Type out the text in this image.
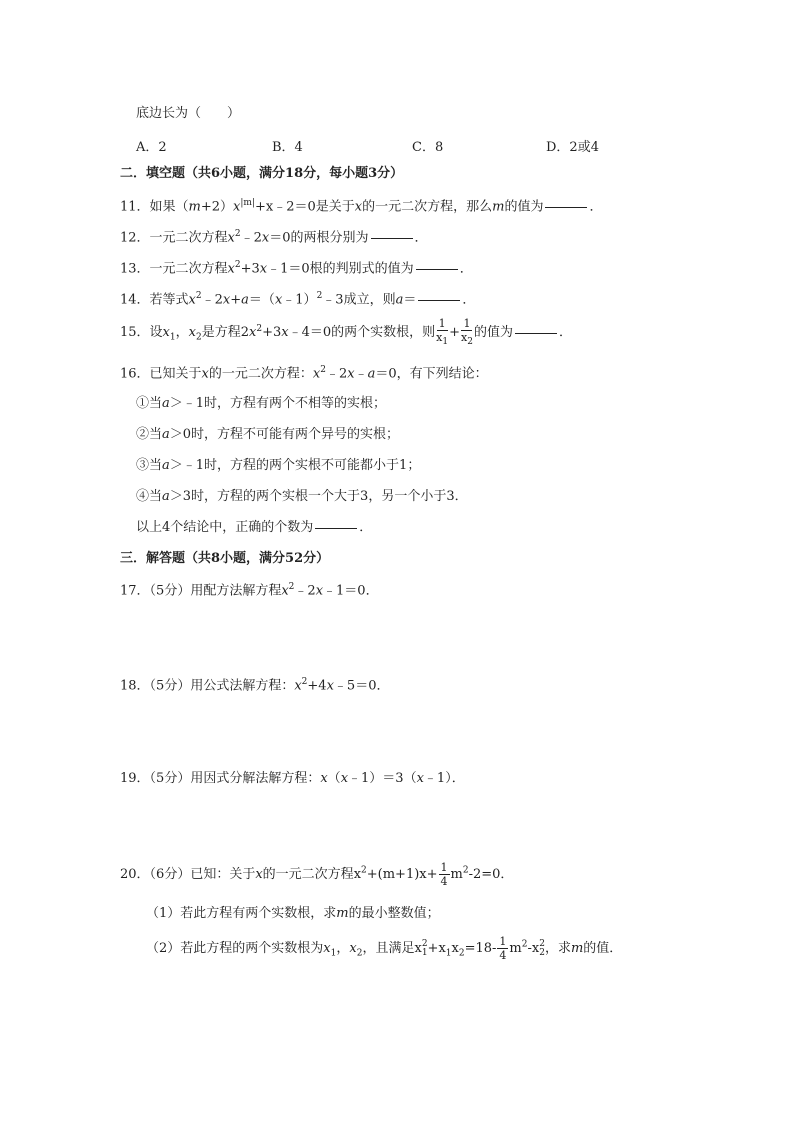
底边长为（　　）
A．2	B．4	C．8	D．2或4
二．填空题（共6小题，满分18分，每小题3分）
11．如果$(m+2)x^{|m|}+x﹣2=0$是关于x的一元二次方程，那么m的值为	．
12．一元二次方程$x^2﹣2x=0$的两根分别为	．
13．一元二次方程$x^2+3x﹣1=0$根的判别式的值为	．
14．若等式$x^2﹣2x+a=(x﹣1)^2﹣3$成立，则a＝	．
15．设$x_1$，$x_2$是方程$2x^2+3x﹣4=0$的两个实数根，则 $\frac{1}{x_1} + \frac{1}{x_2}$ 的值为	．
16．已知关于x的一元二次方程：$x^2﹣2x﹣a=0$，有下列结论：
①当a＞﹣1时，方程有两个不相等的实根；
②当a＞0时，方程不可能有两个异号的实根；
③当a＞﹣1时，方程的两个实根不可能都小于1；
④当a＞3时，方程的两个实根一个大于3，另一个小于3．
以上4个结论中，正确的个数为	．
三．解答题（共8小题，满分52分）
17．（5分）用配方法解方程$x^2﹣2x﹣1=0$．
18．（5分）用公式法解方程：$x^2+4x﹣5=0$．
19．（5分）用因式分解法解方程：x（x﹣1）＝3（x﹣1）．
20．（6分）已知：关于x的一元二次方程$x^2+(m+1)x+ \frac{1}{4} m^2-2=0$．
（1）若此方程有两个实数根，求m的最小整数值；
（2）若此方程的两个实数根为$x_1$，$x_2$，且满足x 2
$1 +x_1x_2=18- \frac{1}{4} m^2-x$ 2
2 ，求m的值．
